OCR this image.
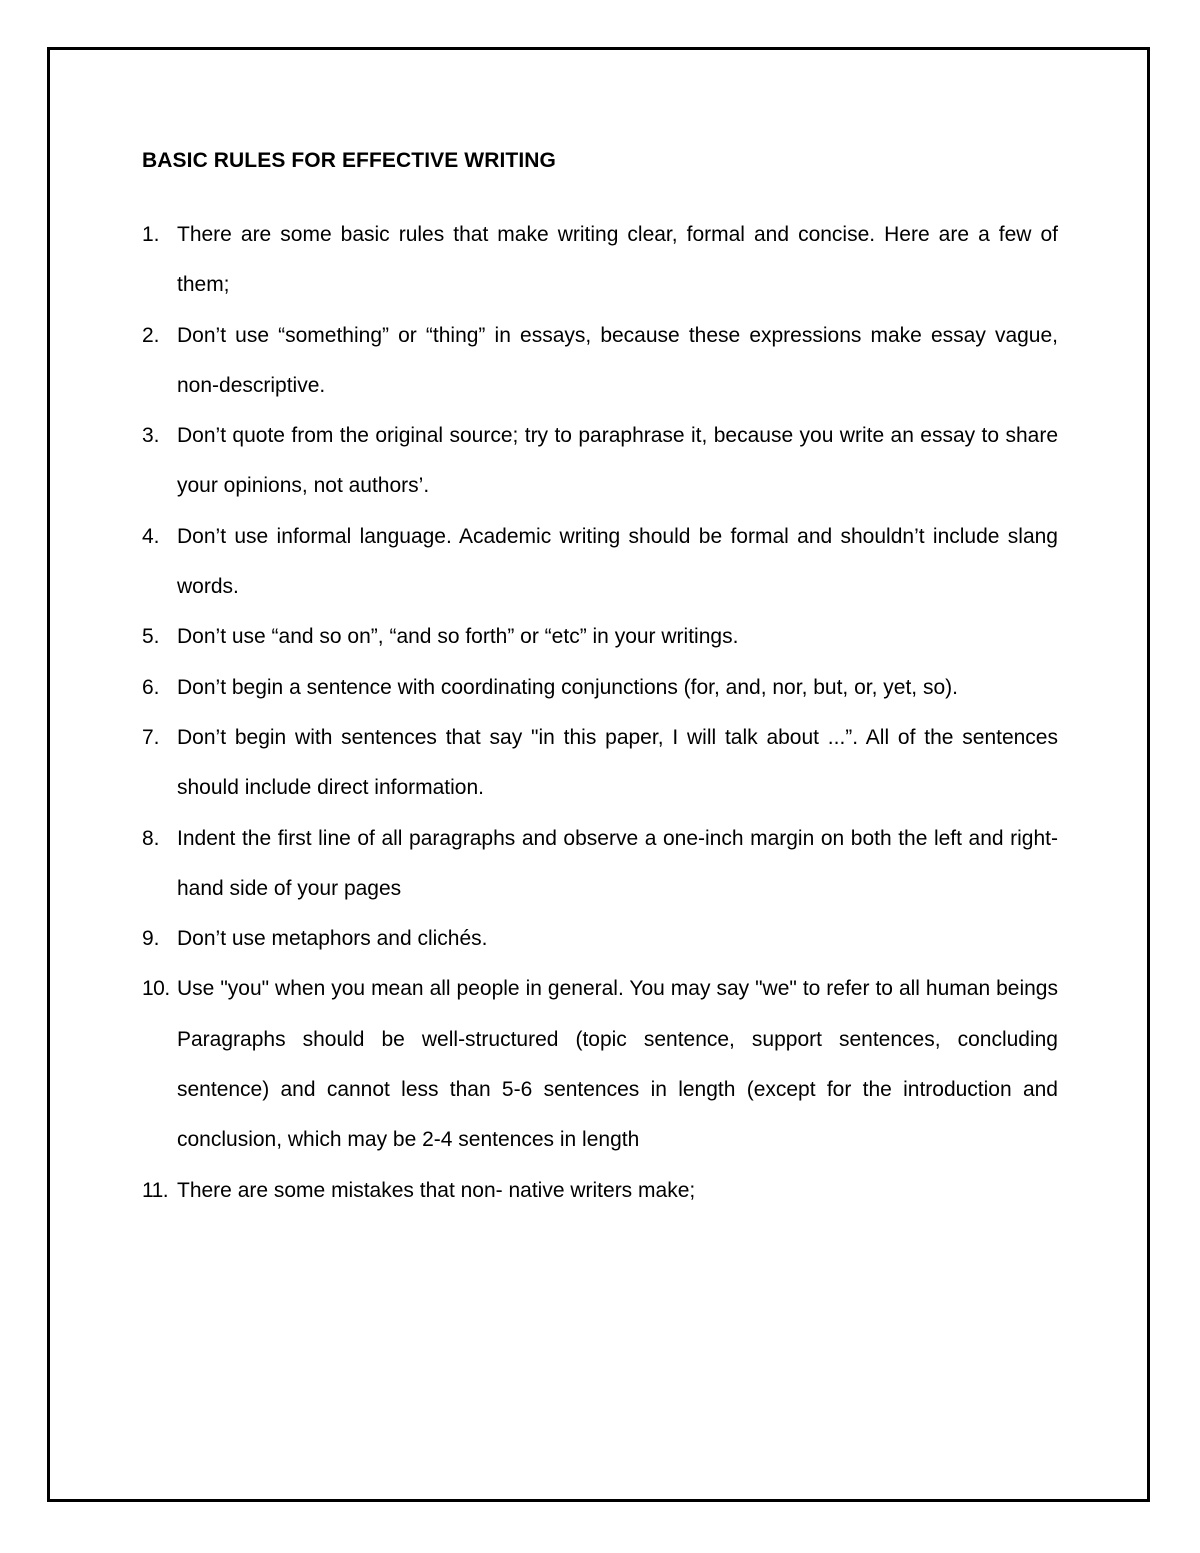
BASIC RULES FOR EFFECTIVE WRITING
1. There are some basic rules that make writing clear, formal and concise. Here are a few of them;
2. Don’t use “something” or “thing” in essays, because these expressions make essay vague, non-descriptive.
3. Don’t quote from the original source; try to paraphrase it, because you write an essay to share your opinions, not authors’.
4. Don’t use informal language. Academic writing should be formal and shouldn’t include slang words.
5. Don’t use “and so on”, “and so forth” or “etc” in your writings.
6. Don’t begin a sentence with coordinating conjunctions (for, and, nor, but, or, yet, so).
7. Don’t begin with sentences that say "in this paper, I will talk about ...”. All of the sentences should include direct information.
8. Indent the first line of all paragraphs and observe a one-inch margin on both the left and right-hand side of your pages
9. Don’t use metaphors and clichés.
10. Use "you" when you mean all people in general. You may say "we" to refer to all human beings Paragraphs should be well-structured (topic sentence, support sentences, concluding sentence) and cannot less than 5-6 sentences in length (except for the introduction and conclusion, which may be 2-4 sentences in length
11. There are some mistakes that non- native writers make;
